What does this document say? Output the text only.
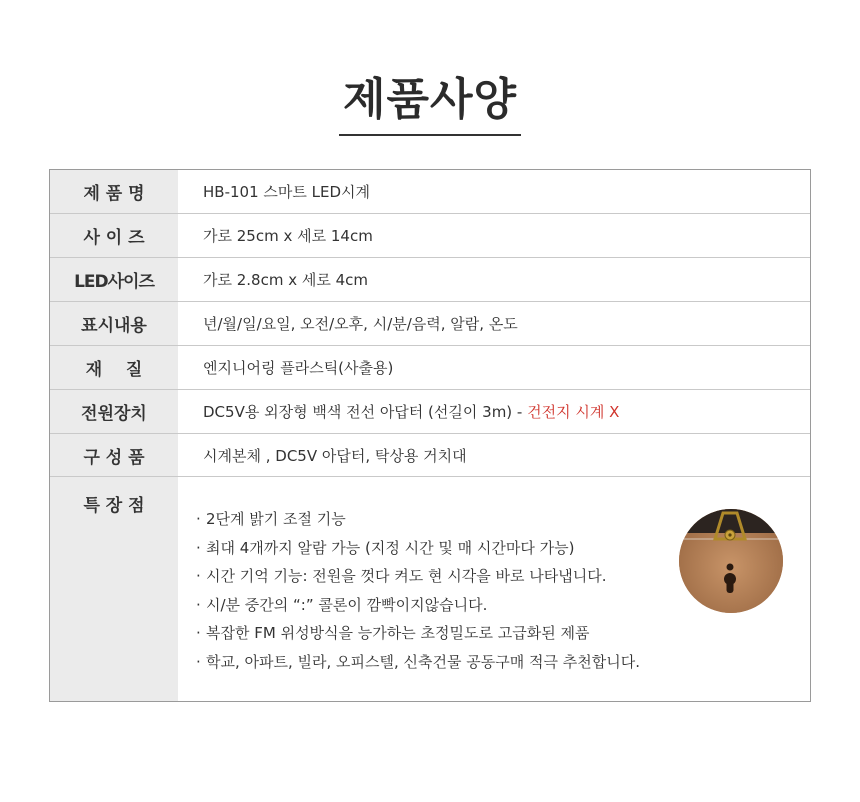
제품사양
제 품 명	HB-101 스마트 LED시계
사 이 즈	가로 25cm x 세로 14cm
LED사이즈	가로 2.8cm x 세로 4cm
표시내용	년/월/일/요일, 오전/오후, 시/분/음력, 알람, 온도
재    질	엔지니어링 플라스틱(사출용)
전원장치	DC5V용 외장형 백색 전선 아답터 (선길이 3m) - 건전지 시계 X
구 성 품	시계본체 , DC5V 아답터, 탁상용 거치대
특 장 점
· 2단계 밝기 조절 기능
· 최대 4개까지 알람 가능 (지정 시간 및 매 시간마다 가능)
· 시간 기억 기능: 전원을 껏다 켜도 현 시각을 바로 나타냅니다.
· 시/분 중간의 “:” 콜론이 깜빡이지않습니다.
· 복잡한 FM 위성방식을 능가하는 초정밀도로 고급화된 제품
· 학교, 아파트, 빌라, 오피스텔, 신축건물 공동구매 적극 추천합니다.
